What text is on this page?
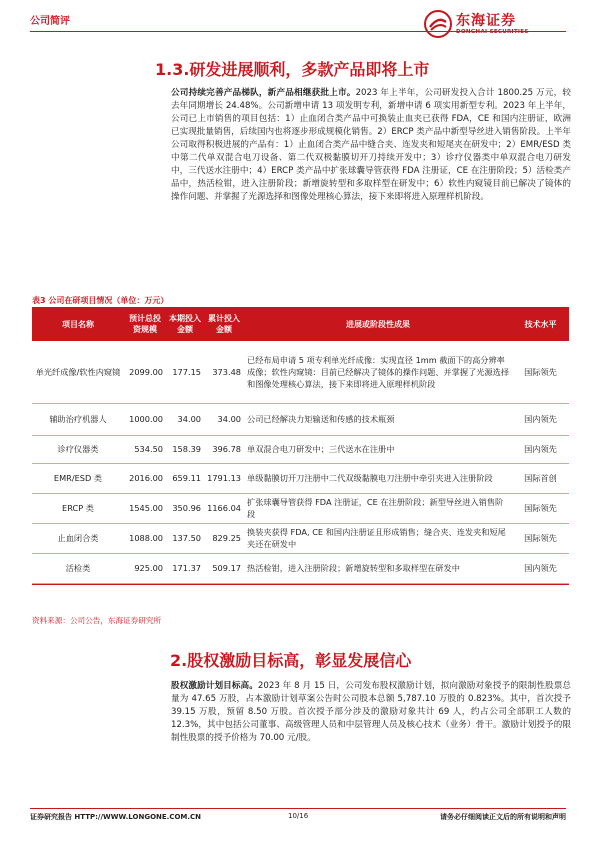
公司简评	东海证券
DONGHAI SECURITIES
1.3.研发进展顺利，多款产品即将上市
公司持续完善产品梯队，新产品相继获批上市。2023 年上半年，公司研发投入合计 1800.25 万元，较去年同期增长 24.48%。公司新增申请 13 项发明专利，新增申请 6 项实用新型专利。2023 年上半年，公司已上市销售的项目包括：1）止血闭合类产品中可换装止血夹已获得 FDA，CE 和国内注册证，欧洲已实现批量销售，后续国内也将逐步形成规模化销售。2）ERCP 类产品中新型导丝进入销售阶段。上半年公司取得积极进展的产品有：1）止血闭合类产品中缝合夹、连发夹和短尾夹在研发中；2）EMR/ESD 类中第二代单双混合电刀设备、第二代双极黏膜切开刀持续开发中；3）诊疗仪器类中单双混合电刀研发中，三代送水注册中；4）ERCP 类产品中扩张球囊导管获得 FDA 注册证，CE 在注册阶段；5）活检类产品中，热活检钳，进入注册阶段；新增旋转型和多取样型在研发中；6）软性内窥镜目前已解决了镜体的操作问题、并掌握了光源选择和图像处理核心算法，接下来即将进入原理样机阶段。
表3 公司在研项目情况（单位：万元）
项目名称	预计总投资规模	本期投入金额	累计投入金额	进展或阶段性成果	技术水平
单光纤成像/软性内窥镜	2099.00	177.15	373.48	已经布局申请 5 项专利单光纤成像：实现直径 1mm 截面下的高分辨率成像；软性内窥镜：目前已经解决了镜体的操作问题、并掌握了光源选择和图像处理核心算法，接下来即将进入原理样机阶段	国际领先
辅助治疗机器人	1000.00	34.00	34.00	公司已经解决力矩输送和传感的技术瓶颈	国内领先
诊疗仪器类	534.50	158.39	396.78	单双混合电刀研发中；三代送水在注册中	国内领先
EMR/ESD 类	2016.00	659.11	1791.13	单级黏膜切开刀注册中二代双级黏膜电刀注册中牵引夹进入注册阶段	国际首创
ERCP 类	1545.00	350.96	1166.04	扩张球囊导管获得 FDA 注册证，CE 在注册阶段；新型导丝进入销售阶段	国际领先
止血闭合类	1088.00	137.50	829.25	换装夹获得 FDA, CE 和国内注册证且形成销售；缝合夹、连发夹和短尾夹还在研发中	国际领先
活检类	925.00	171.37	509.17	热活检钳，进入注册阶段；新增旋转型和多取样型在研发中	国内领先
资料来源：公司公告，东海证券研究所
2.股权激励目标高，彰显发展信心
股权激励计划目标高。2023 年 8 月 15 日，公司发布股权激励计划，拟向激励对象授予的限制性股票总量为 47.65 万股，占本激励计划草案公告时公司股本总额 5,787.10 万股的 0.823%。其中，首次授予 39.15 万股，预留 8.50 万股。首次授予部分涉及的激励对象共计 69 人，约占公司全部职工人数的 12.3%，其中包括公司董事、高级管理人员和中层管理人员及核心技术（业务）骨干。激励计划授予的限制性股票的授予价格为 70.00 元/股。
证券研究报告 HTTP://WWW.LONGONE.COM.CN	10/16	请务必仔细阅读正文后的所有说明和声明
